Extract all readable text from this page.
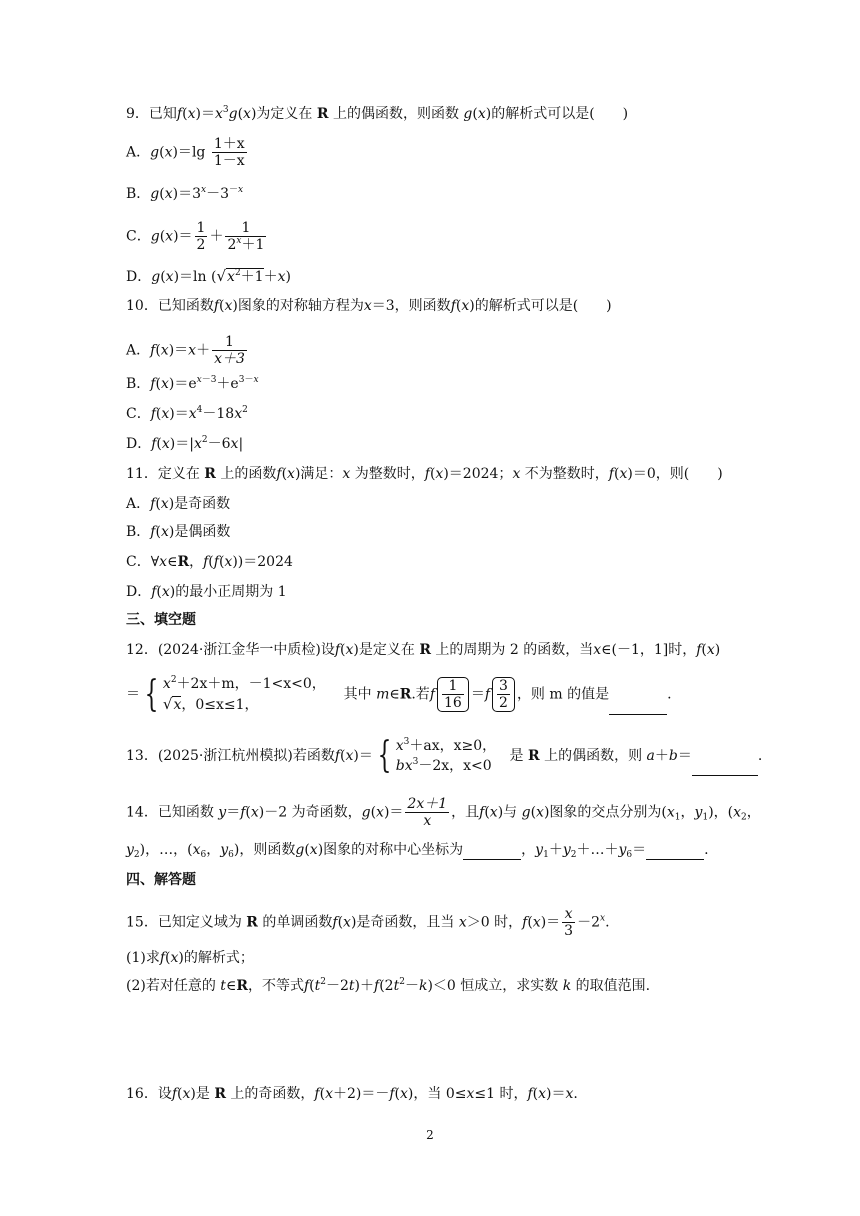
9．已知$f(x)=x^3g(x)$为定义在 R 上的偶函数，则函数 g(x)的解析式可以是(　　)
A．$g(x)=\lg \frac{1+x}{1-x}$
B．$g(x)=3^x-3^{-x}$
C．$g(x)= \frac{1}{2} + \frac{1}{2^x+1}$
D．g(x)＝ln $(√x^2+1+x)$
10．已知函数f(x)图象的对称轴方程为x＝3，则函数f(x)的解析式可以是(　　)
A．$f(x)=x+ \frac{1}{x+3}$
B．$f(x)=e^{x-3}+e^{3-x}$
C．$f(x)=x^4-18x^2$
D．$f(x)=|x^2-6x|$
11．定义在 R 上的函数f(x)满足：x 为整数时，f(x)＝2024；x 不为整数时，f(x)＝0，则(　　)
A．f(x)是奇函数
B．f(x)是偶函数
C．∀x∈R，f(f(x))＝2024
D．f(x)的最小正周期为 1
三、填空题
12．(2024·浙江金华一中质检)设f(x)是定义在 R 上的周期为 2 的函数，当x∈(－1，1]时，f(x)
＝ { $x^2+2x+m$，－1<x<0，
√x，0≤x≤1，
其中 m∈R.若f $\frac{1}{16} =f \frac{3}{2}$ ，则 m 的值是	.
13．(2025·浙江杭州模拟)若函数f(x)＝ { $x^3+ax$，x≥0，
$bx^3-2x$，x<0
是 R 上的偶函数，则 a＋b＝	.
14．已知函数 y＝f(x)－2 为奇函数，$g(x)= \frac{2x+1}{x}$ ，且f(x)与 g(x)图象的交点分别为($x_1$，$y_1$)，($x_2$，
$y_2$)，…，($x_6$，$y_6$)，则函数g(x)图象的对称中心坐标为	，$y_1+y_2+\dots+y_6=$	.
四、解答题
15．已知定义域为 R 的单调函数f(x)是奇函数，且当 x＞0 时，$f(x)= \frac{x}{3} -2^x$.
(1)求f(x)的解析式；
(2)若对任意的 t∈R，不等式$f(t^2-2t)+f(2t^2-k)<0$ 恒成立，求实数 k 的取值范围.
16．设f(x)是 R 上的奇函数，f(x＋2)＝－f(x)，当 0≤x≤1 时，f(x)＝x.
2
